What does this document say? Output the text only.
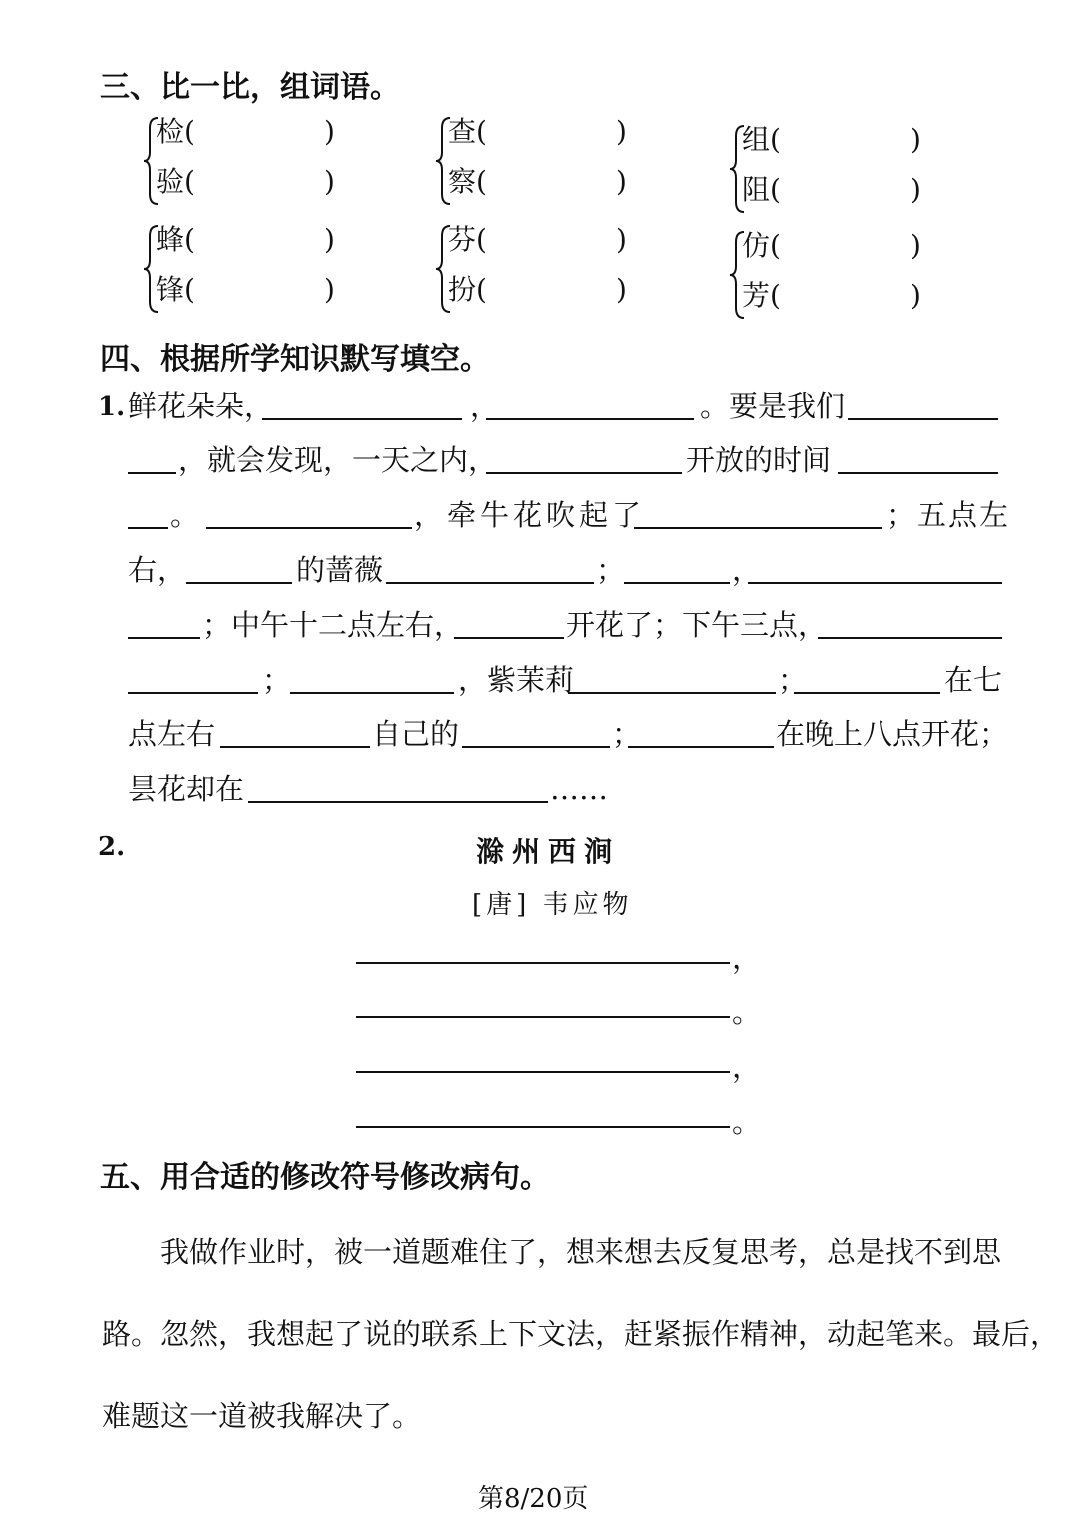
三、比一比，组词语。
检(	)
验(	)
查(	)
察(	)
组(	)
阻(	)
蜂(	)
锋(	)
芬(	)
扮(	)
仿(	)
芳(	)
四、根据所学知识默写填空。
1. 鲜花朵朵，	，	。要是我们
，就会发现，一天之内，	开放的时间
。	，牵牛花吹起了	；五点左
右，	的蔷薇	；	，
；中午十二点左右，	开花了；下午三点，
；	，紫茉莉	；	在七
点左右	自己的	；	在晚上八点开花；
昙花却在	……
2.	滁州西涧
[唐] 韦应物
，
。
，
。
五、用合适的修改符号修改病句。
我做作业时，被一道题难住了，想来想去反复思考，总是找不到思
路。忽然，我想起了说的联系上下文法，赶紧振作精神，动起笔来。最后，
难题这一道被我解决了。
第8/20页
